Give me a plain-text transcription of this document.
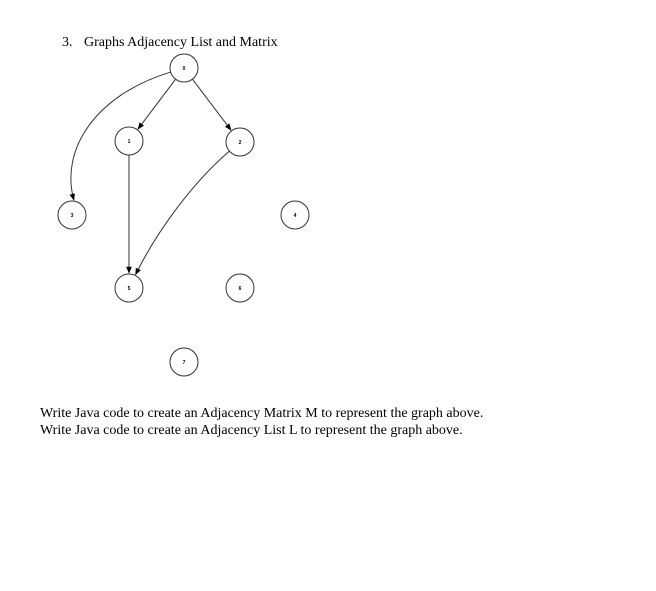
3. Graphs Adjacency List and Matrix
0
1	2
3	4
5	6
7

Write Java code to create an Adjacency Matrix M to represent the graph above.

Write Java code to create an Adjacency List L to represent the graph above.
